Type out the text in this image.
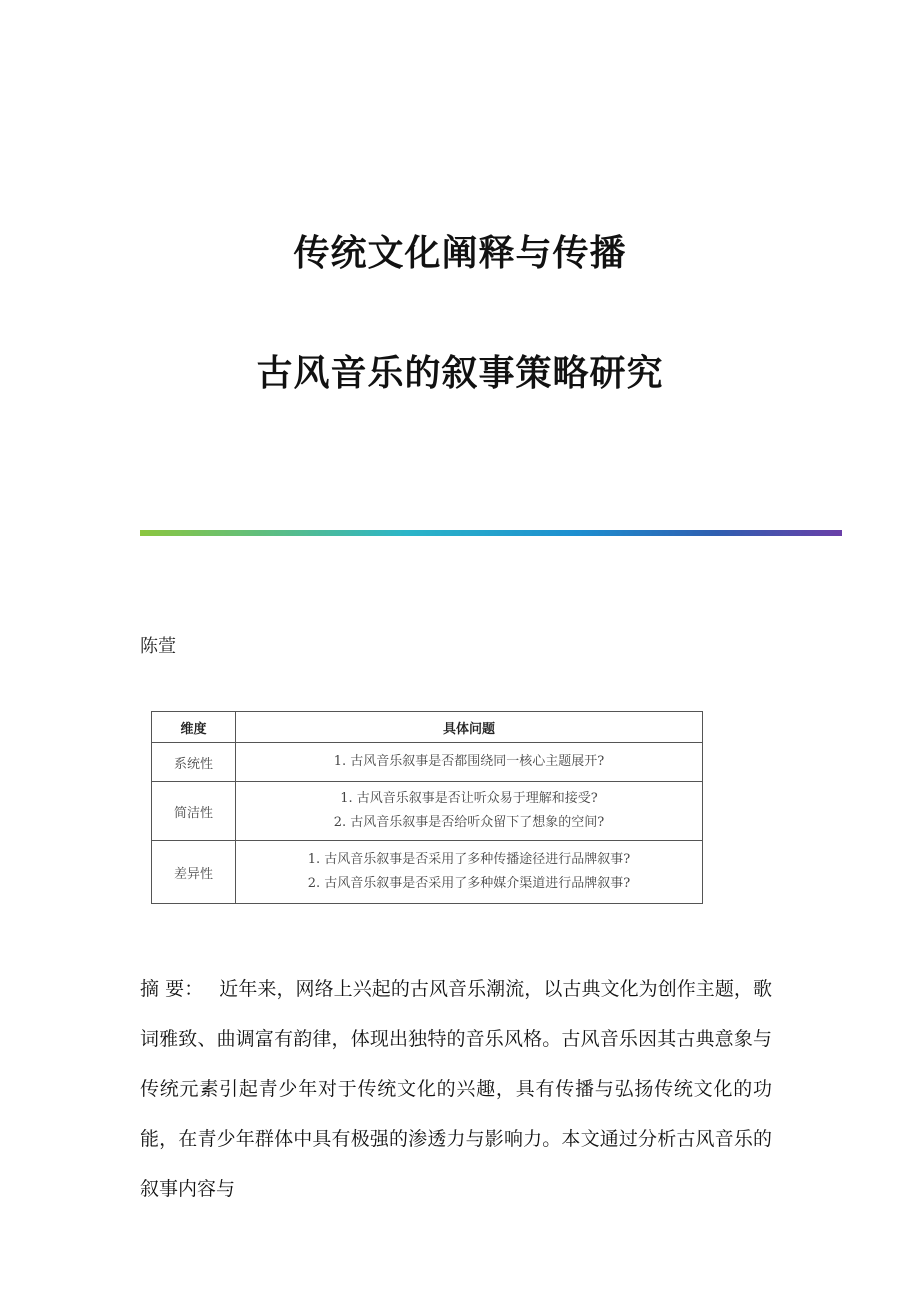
传统文化阐释与传播
古风音乐的叙事策略研究
陈萱
维度	具体问题
系统性	1. 古风音乐叙事是否都围绕同一核心主题展开?

简洁性	1. 古风音乐叙事是否让听众易于理解和接受?
2. 古风音乐叙事是否给听众留下了想象的空间?

差异性	1. 古风音乐叙事是否采用了多种传播途径进行品牌叙事?
2. 古风音乐叙事是否采用了多种媒介渠道进行品牌叙事?
摘 要： 近年来，网络上兴起的古风音乐潮流，以古典文化为创作主题，歌词雅致、曲调富有韵律，体现出独特的音乐风格。古风音乐因其古典意象与传统元素引起青少年对于传统文化的兴趣，具有传播与弘扬传统文化的功能，在青少年群体中具有极强的渗透力与影响力。本文通过分析古风音乐的叙事内容与
